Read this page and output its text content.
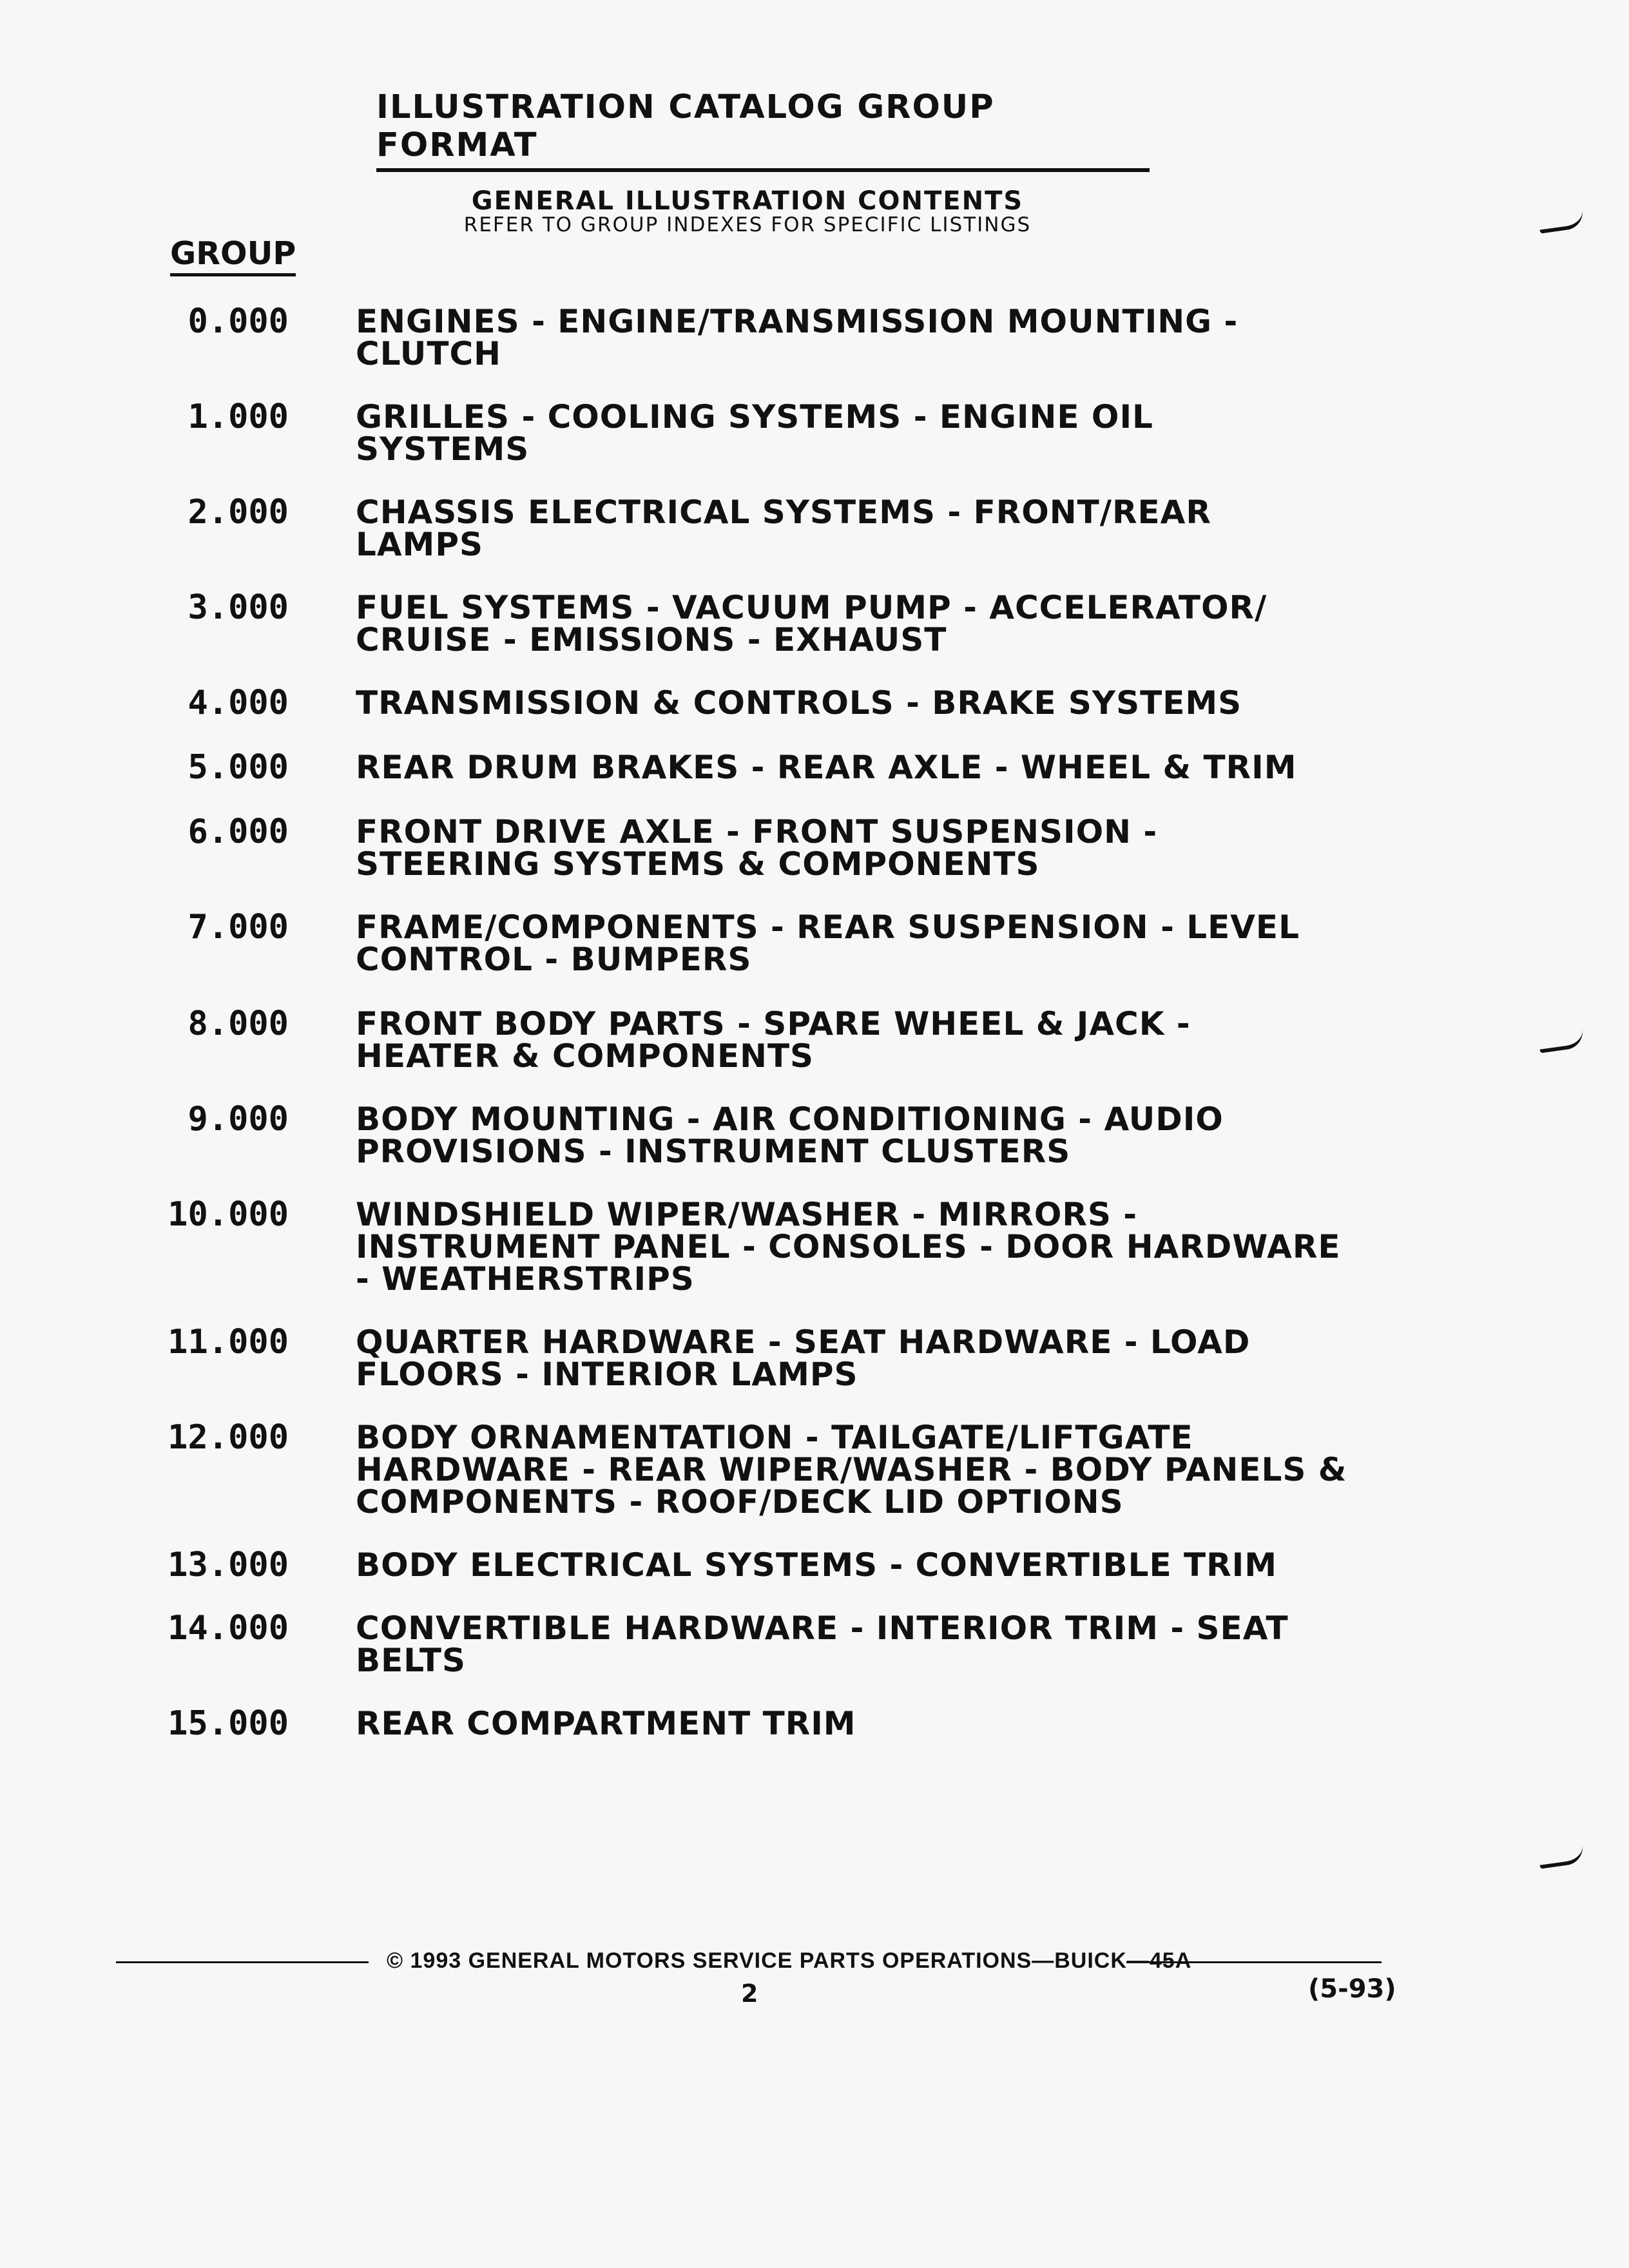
ILLUSTRATION CATALOG GROUP FORMAT
GENERAL ILLUSTRATION CONTENTS
REFER TO GROUP INDEXES FOR SPECIFIC LISTINGS
GROUP
0.000 ENGINES - ENGINE/TRANSMISSION MOUNTING -
CLUTCH
1.000 GRILLES - COOLING SYSTEMS - ENGINE OIL
SYSTEMS
2.000 CHASSIS ELECTRICAL SYSTEMS - FRONT/REAR
LAMPS
3.000 FUEL SYSTEMS - VACUUM PUMP - ACCELERATOR/
CRUISE - EMISSIONS - EXHAUST
4.000 TRANSMISSION & CONTROLS - BRAKE SYSTEMS
5.000 REAR DRUM BRAKES - REAR AXLE - WHEEL & TRIM
6.000 FRONT DRIVE AXLE - FRONT SUSPENSION -
STEERING SYSTEMS & COMPONENTS
7.000 FRAME/COMPONENTS - REAR SUSPENSION - LEVEL
CONTROL - BUMPERS
8.000 FRONT BODY PARTS - SPARE WHEEL & JACK -
HEATER & COMPONENTS
9.000 BODY MOUNTING - AIR CONDITIONING - AUDIO
PROVISIONS - INSTRUMENT CLUSTERS
10.000 WINDSHIELD WIPER/WASHER - MIRRORS -
INSTRUMENT PANEL - CONSOLES - DOOR HARDWARE
- WEATHERSTRIPS
11.000 QUARTER HARDWARE - SEAT HARDWARE - LOAD
FLOORS - INTERIOR LAMPS
12.000 BODY ORNAMENTATION - TAILGATE/LIFTGATE
HARDWARE - REAR WIPER/WASHER - BODY PANELS &
COMPONENTS - ROOF/DECK LID OPTIONS
13.000 BODY ELECTRICAL SYSTEMS - CONVERTIBLE TRIM
14.000 CONVERTIBLE HARDWARE - INTERIOR TRIM - SEAT
BELTS
15.000 REAR COMPARTMENT TRIM
© 1993 GENERAL MOTORS SERVICE PARTS OPERATIONS—BUICK—45A
2	(5-93)
